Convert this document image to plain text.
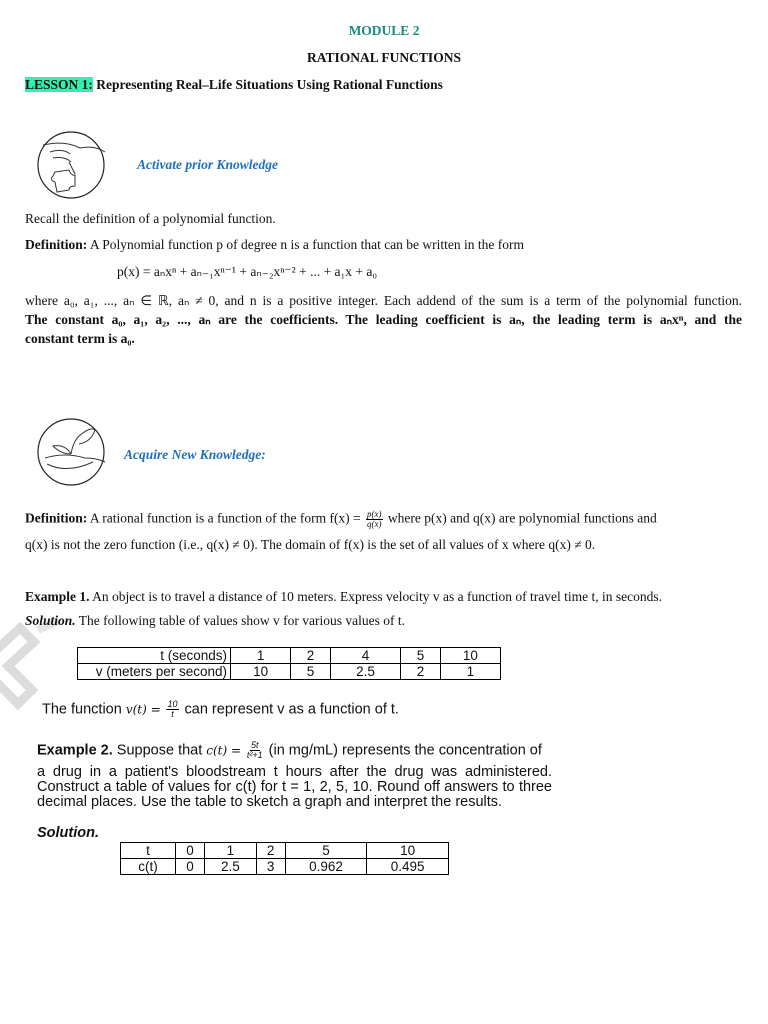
MODULE 2
RATIONAL FUNCTIONS
LESSON 1: Representing Real–Life Situations Using Rational Functions
Activate prior Knowledge
Recall the definition of a polynomial function.
Definition: A Polynomial function p of degree n is a function that can be written in the form
p(x) = aₙxⁿ + aₙ₋₁xⁿ⁻¹ + aₙ₋₂xⁿ⁻² + ... + a₁x + a₀
where a₀, a₁, ..., aₙ ∈ ℝ, aₙ ≠ 0, and n is a positive integer. Each addend of the sum is a term of the polynomial function.
The constant a₀, a₁, a₂, ..., aₙ are the coefficients. The leading coefficient is aₙ, the leading term is aₙxⁿ, and the
constant term is a₀.
Acquire New Knowledge:
Definition: A rational function is a function of the form $f(x) = \frac{p(x)}{q(x)}$ where p(x) and q(x) are polynomial functions and
q(x) is not the zero function (i.e., q(x) ≠ 0). The domain of f(x) is the set of all values of x where q(x) ≠ 0.
Example 1. An object is to travel a distance of 10 meters. Express velocity v as a function of travel time t, in seconds.
Solution. The following table of values show v for various values of t.
t (seconds)	1	2	4	5	10
v (meters per second)	10	5	2.5	2	1
The function $v(t) = \frac{10}{t}$ can represent v as a function of t.
Example 2. Suppose that $c(t) = \frac{5t}{\text{t²+1}} (in$ mg/mL) represents the concentration of
a drug in a patient's bloodstream t hours after the drug was administered.
Construct a table of values for c(t) for t = 1, 2, 5, 10. Round off answers to three
decimal places. Use the table to sketch a graph and interpret the results.
Solution.
t	0	1	2	5	10
c(t)	0	2.5	3	0.962	0.495
